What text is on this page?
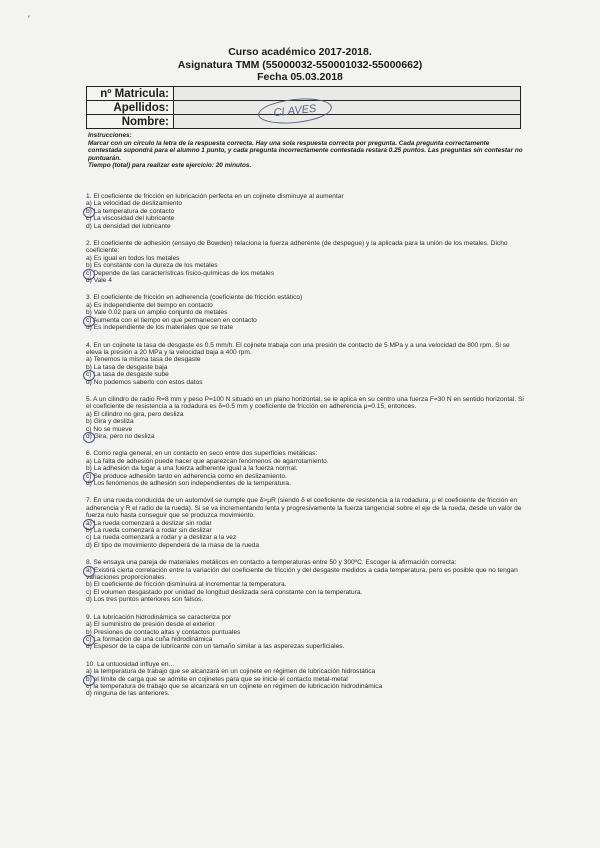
'
Curso académico 2017-2018.
Asignatura TMM (55000032-550001032-55000662)
Fecha 05.03.2018
nº Matricula:	
Apellidos:	
Nombre:	
CLAVES
Instrucciones:
Marcar con un circulo la letra de la respuesta correcta. Hay una sola respuesta correcta por pregunta. Cada pregunta correctamente contestada supondrá para el alumno 1 punto, y cada pregunta incorrectamente contestada restará 0.25 puntos. Las preguntas sin contestar no puntuarán.
Tiempo (total) para realizar este ejercicio: 20 minutos.

1. El coeficiente de fricción en lubricación perfecta en un cojinete disminuye al aumentar

a) La velocidad de deslizamiento

b) La temperatura de contacto

c) La viscosidad del lubricante

d) La densidad del lubricante

2. El coeficiente de adhesión (ensayo de Bowden) relaciona la fuerza adherente (de despegue) y la aplicada para la unión de los metales. Dicho coeficiente:

a) Es igual en todos los metales

b) Es constante con la dureza de los metales

c) Depende de las características físico-químicas de los metales

d) Vale 4

3. El coeficiente de fricción en adherencia (coeficiente de fricción estático)

a) Es independiente del tiempo en contacto

b) Vale 0.02 para un amplio conjunto de metales

c) Aumenta con el tiempo en que permanecen en contacto

d) Es independiente de los materiales que se trate

4. En un cojinete la tasa de desgaste es 0.5 mm/h. El cojinete trabaja con una presión de contacto de 5 MPa y a una velocidad de 800 rpm. Si se eleva la presión a 20 MPa y la velocidad baja a 400 rpm.

a) Tenemos la misma tasa de desgaste

b) La tasa de desgaste baja

c) La tasa de desgaste sube

d) No podemos saberlo con estos datos

5. A un cilindro de radio R=8 mm y peso P=100 N situado en un plano horizontal, se le aplica en su centro una fuerza F=30 N en sentido horizontal. Si el coeficiente de resistencia a la rodadura es δ=0.5 mm y coeficiente de fricción en adherencia μ=0.15, entonces.

a) El cilindro no gira, pero desliza

b) Gira y desliza

c) No se mueve

d) Gira, pero no desliza

6. Como regla general, en un contacto en seco entre dos superficies metálicas:

a) La falta de adhesión puede hacer que aparezcan fenómenos de agarrotamiento.

b) La adhesión da lugar a una fuerza adherente igual a la fuerza normal.

c) Se produce adhesión tanto en adherencia como en deslizamiento.

d) Los fenómenos de adhesión son independientes de la temperatura.

7. En una rueda conducida de un automóvil se cumple que δ>μR (siendo δ el coeficiente de resistencia a la rodadura, μ el coeficiente de fricción en adherencia y R el radio de la rueda). Si se va incrementando lenta y progresivamente la fuerza tangencial sobre el eje de la rueda, desde un valor de fuerza nulo hasta conseguir que se produzca movimiento.

a) La rueda comenzará a deslizar sin rodar

b) La rueda comenzará a rodar sin deslizar

c) La rueda comenzará a rodar y a deslizar a la vez

d) El tipo de movimiento dependerá de la masa de la rueda

8. Se ensaya una pareja de materiales metálicos en contacto a temperaturas entre 50 y 300ºC. Escoger la afirmación correcta:

a) Existirá cierta correlación entre la variación del coeficiente de fricción y del desgaste medidos a cada temperatura, pero es posible que no tengan variaciones proporcionales.

b) El coeficiente de fricción disminuirá al incrementar la temperatura.

c) El volumen desgastado por unidad de longitud deslizada será constante con la temperatura.

d) Los tres puntos anteriores son falsos.

9. La lubricación hidrodinámica se caracteriza por

a) El suministro de presión desde el exterior

b) Presiones de contacto altas y contactos puntuales

c) La formación de una cuña hidrodinámica

d) Espesor de la capa de lubricante con un tamaño similar a las asperezas superficiales.

10. La untuosidad influye en...

a) la temperatura de trabajo que se alcanzará en un cojinete en régimen de lubricación hidrostática

b) el límite de carga que se admite en cojinetes para que se inicie el contacto metal-metal

c) la temperatura de trabajo que se alcanzará en un cojinete en régimen de lubricación hidrodinámica

d) ninguna de las anteriores.
